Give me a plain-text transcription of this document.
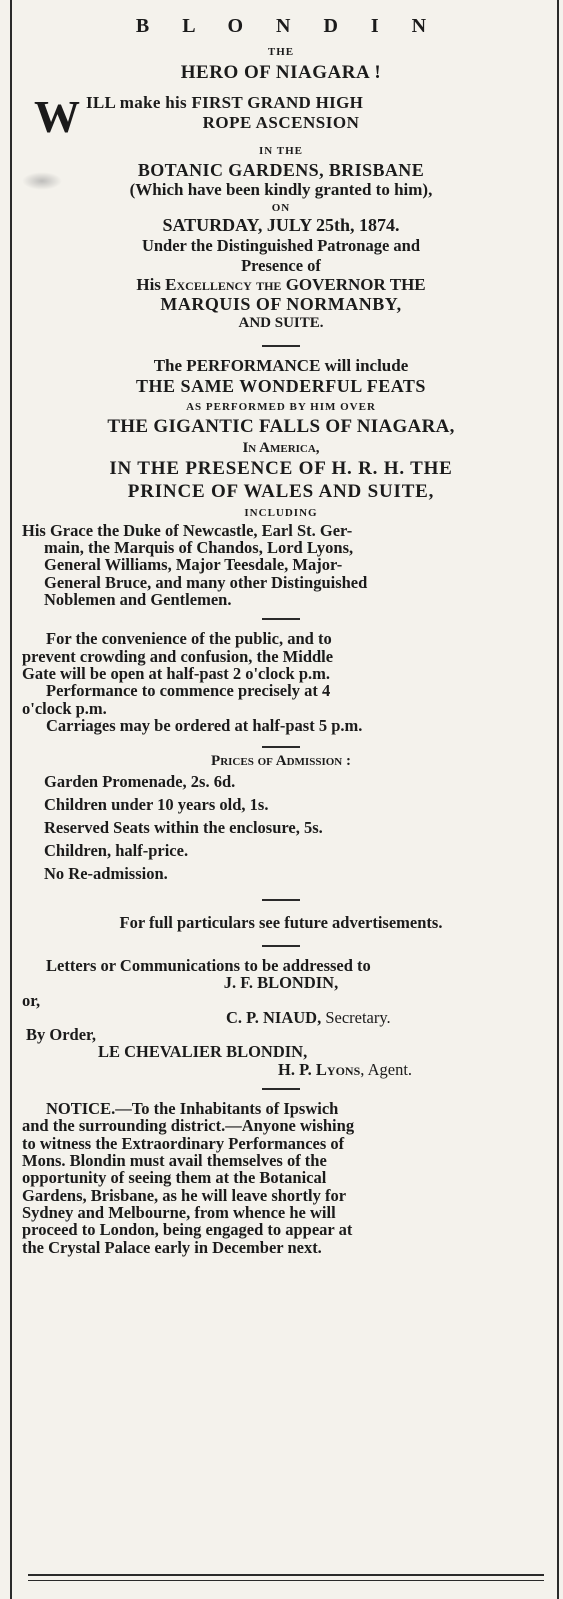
B L O N D I N
THE
HERO OF NIAGARA !
W ILL make his FIRST GRAND HIGH
ROPE ASCENSION
IN THE
BOTANIC GARDENS, BRISBANE
(Which have been kindly granted to him),
ON
SATURDAY, JULY 25th, 1874.
Under the Distinguished Patronage and
Presence of
His Excellency the GOVERNOR THE
MARQUIS OF NORMANBY,
AND SUITE.
The PERFORMANCE will include
THE SAME WONDERFUL FEATS
AS PERFORMED BY HIM OVER
THE GIGANTIC FALLS OF NIAGARA,
In America,
IN THE PRESENCE OF H. R. H. THE
PRINCE OF WALES AND SUITE,
INCLUDING
His Grace the Duke of Newcastle, Earl St. Ger-
main, the Marquis of Chandos, Lord Lyons,
General Williams, Major Teesdale, Major-
General Bruce, and many other Distinguished
Noblemen and Gentlemen.
For the convenience of the public, and to
prevent crowding and confusion, the Middle
Gate will be open at half-past 2 o'clock p.m.
Performance to commence precisely at 4
o'clock p.m.
Carriages may be ordered at half-past 5 p.m.
Prices of Admission :
Garden Promenade, 2s. 6d.
Children under 10 years old, 1s.
Reserved Seats within the enclosure, 5s.
Children, half-price.
No Re-admission.
For full particulars see future advertisements.
Letters or Communications to be addressed to
J. F. BLONDIN,
or,
C. P. NIAUD, Secretary.
By Order,
LE CHEVALIER BLONDIN,
H. P. Lyons, Agent.
NOTICE.—To the Inhabitants of Ipswich
and the surrounding district.—Anyone wishing
to witness the Extraordinary Performances of
Mons. Blondin must avail themselves of the
opportunity of seeing them at the Botanical
Gardens, Brisbane, as he will leave shortly for
Sydney and Melbourne, from whence he will
proceed to London, being engaged to appear at
the Crystal Palace early in December next.
